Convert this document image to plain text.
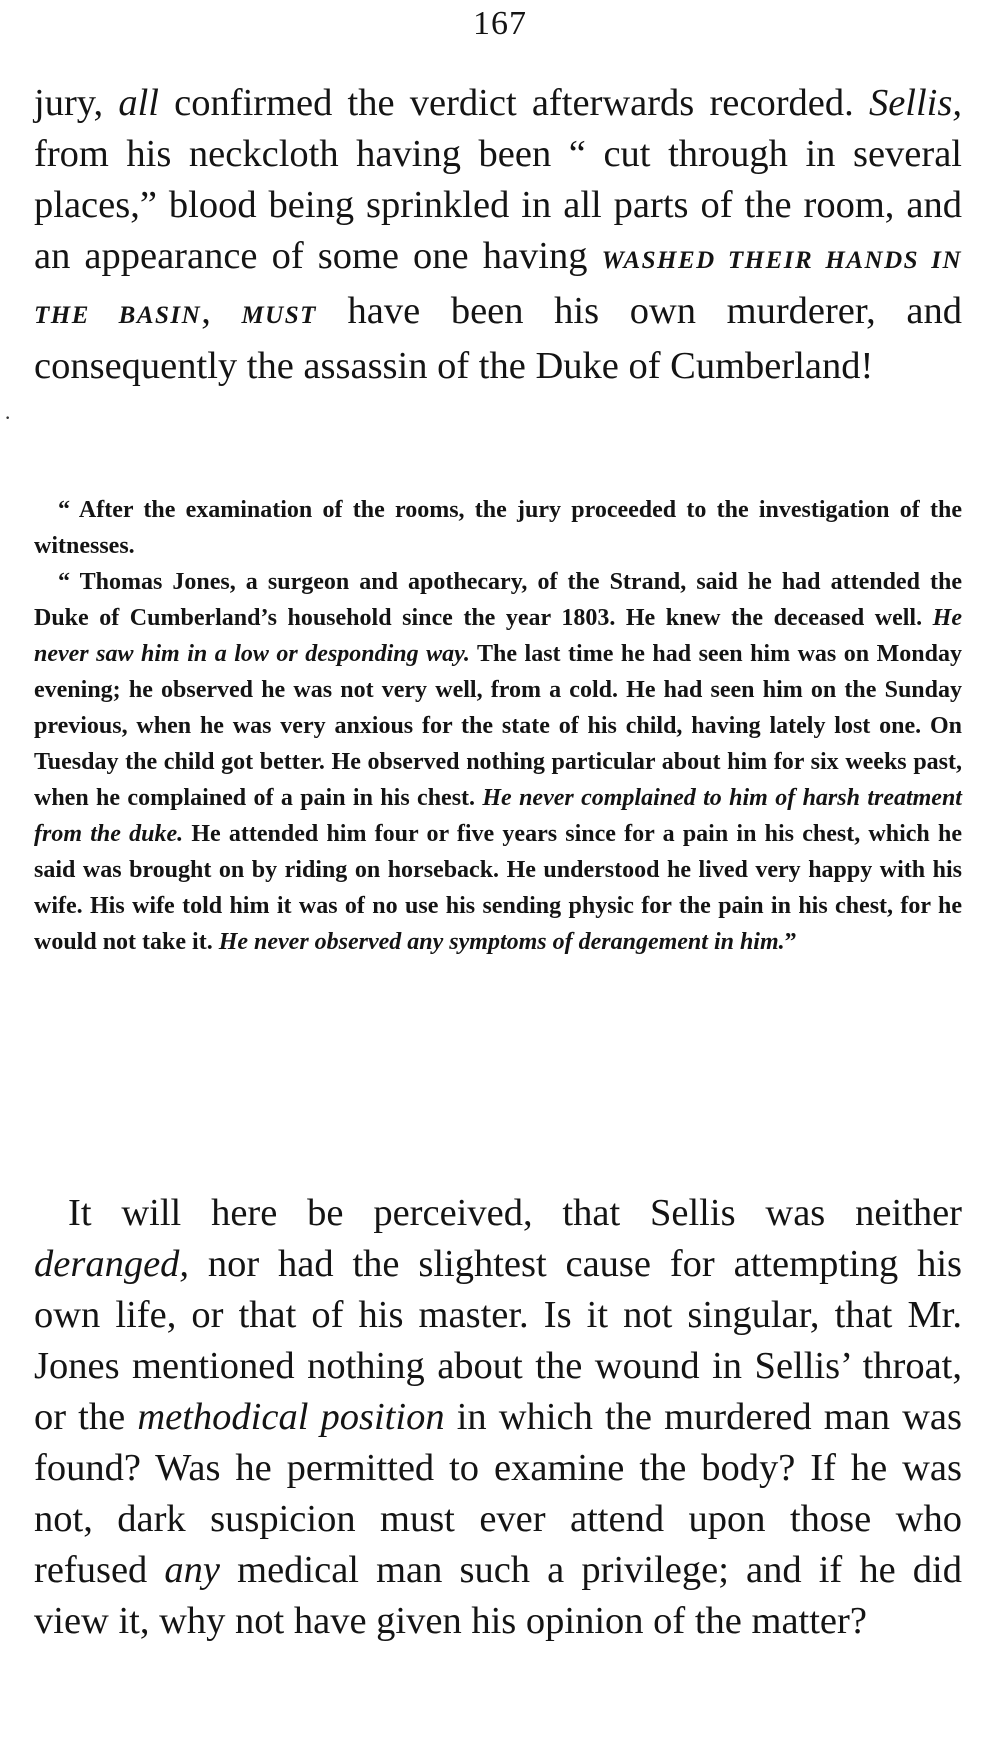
167

jury, all confirmed the verdict afterwards recorded. Sellis, from his neckcloth having been “ cut through in several places,” blood being sprinkled in all parts of the room, and an appearance of some one having WASHED THEIR HANDS IN THE BASIN, MUST have been his own murderer, and consequently the assassin of the Duke of Cumberland!

·

“ After the examination of the rooms, the jury proceeded to the investigation of the witnesses.

“ Thomas Jones, a surgeon and apothecary, of the Strand, said he had attended the Duke of Cumberland’s household since the year 1803. He knew the deceased well. He never saw him in a low or desponding way. The last time he had seen him was on Monday evening; he observed he was not very well, from a cold. He had seen him on the Sunday previous, when he was very anxious for the state of his child, having lately lost one. On Tuesday the child got better. He observed nothing particular about him for six weeks past, when he complained of a pain in his chest. He never complained to him of harsh treatment from the duke. He attended him four or five years since for a pain in his chest, which he said was brought on by riding on horseback. He understood he lived very happy with his wife. His wife told him it was of no use his sending physic for the pain in his chest, for he would not take it. He never observed any symptoms of derangement in him.”

It will here be perceived, that Sellis was neither deranged, nor had the slightest cause for attempting his own life, or that of his master. Is it not singular, that Mr. Jones mentioned nothing about the wound in Sellis’ throat, or the methodical position in which the murdered man was found? Was he permitted to examine the body? If he was not, dark suspicion must ever attend upon those who refused any medical man such a privilege; and if he did view it, why not have given his opinion of the matter?
